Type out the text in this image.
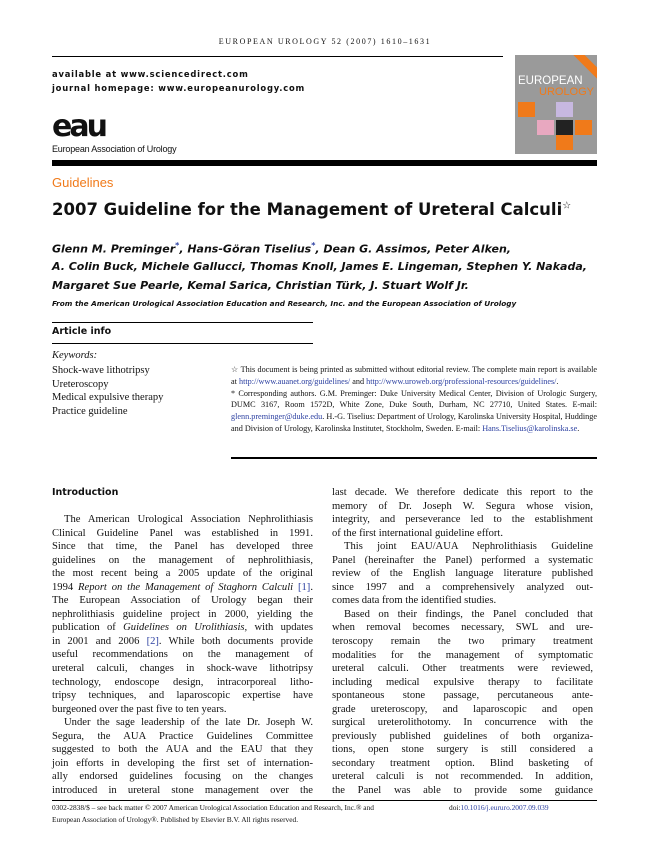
EUROPEAN UROLOGY 52 (2007) 1610–1631
available at www.sciencedirect.com
journal homepage: www.europeanurology.com
EUROPEAN
UROLOGY
eau
European Association of Urology
Guidelines
2007 Guideline for the Management of Ureteral Calculi☆
Glenn M. Preminger*, Hans-Göran Tiselius*, Dean G. Assimos, Peter Alken,
A. Colin Buck, Michele Gallucci, Thomas Knoll, James E. Lingeman, Stephen Y. Nakada,
Margaret Sue Pearle, Kemal Sarica, Christian Türk, J. Stuart Wolf Jr.
From the American Urological Association Education and Research, Inc. and the European Association of Urology
Article info
Keywords:
Shock-wave lithotripsy
Ureteroscopy
Medical expulsive therapy
Practice guideline
☆ This document is being printed as submitted without editorial review. The complete main report is available at http://www.auanet.org/guidelines/ and http://www.uroweb.org/professional-resources/guidelines/.
* Corresponding authors. G.M. Preminger: Duke University Medical Center, Division of Urologic Surgery, DUMC 3167, Room 1572D, White Zone, Duke South, Durham, NC 27710, United States. E-mail: glenn.preminger@duke.edu. H.-G. Tiselius: Department of Urology, Karolinska University Hospital, Huddinge and Division of Urology, Karolinska Institutet, Stockholm, Sweden. E-mail: Hans.Tiselius@karolinska.se.
Introduction
The American Urological Association Nephrolithiasis
Clinical Guideline Panel was established in 1991.
Since that time, the Panel has developed three
guidelines on the management of nephrolithiasis,
the most recent being a 2005 update of the original
1994 Report on the Management of Staghorn Calculi [1].
The European Association of Urology began their
nephrolithiasis guideline project in 2000, yielding the
publication of Guidelines on Urolithiasis, with updates
in 2001 and 2006 [2]. While both documents provide
useful recommendations on the management of
ureteral calculi, changes in shock-wave lithotripsy
technology, endoscope design, intracorporeal litho-
tripsy techniques, and laparoscopic expertise have
burgeoned over the past five to ten years.
Under the sage leadership of the late Dr. Joseph W.
Segura, the AUA Practice Guidelines Committee
suggested to both the AUA and the EAU that they
join efforts in developing the first set of internation-
ally endorsed guidelines focusing on the changes
introduced in ureteral stone management over the
last decade. We therefore dedicate this report to the
memory of Dr. Joseph W. Segura whose vision,
integrity, and perseverance led to the establishment
of the first international guideline effort.
This joint EAU/AUA Nephrolithiasis Guideline
Panel (hereinafter the Panel) performed a systematic
review of the English language literature published
since 1997 and a comprehensively analyzed out-
comes data from the identified studies.
Based on their findings, the Panel concluded that
when removal becomes necessary, SWL and ure-
teroscopy remain the two primary treatment
modalities for the management of symptomatic
ureteral calculi. Other treatments were reviewed,
including medical expulsive therapy to facilitate
spontaneous stone passage, percutaneous ante-
grade ureteroscopy, and laparoscopic and open
surgical ureterolithotomy. In concurrence with the
previously published guidelines of both organiza-
tions, open stone surgery is still considered a
secondary treatment option. Blind basketing of
ureteral calculi is not recommended. In addition,
the Panel was able to provide some guidance
0302-2838/$ – see back matter © 2007 American Urological Association Education and Research, Inc.® and
European Association of Urology®. Published by Elsevier B.V. All rights reserved.
doi:10.1016/j.eururo.2007.09.039
